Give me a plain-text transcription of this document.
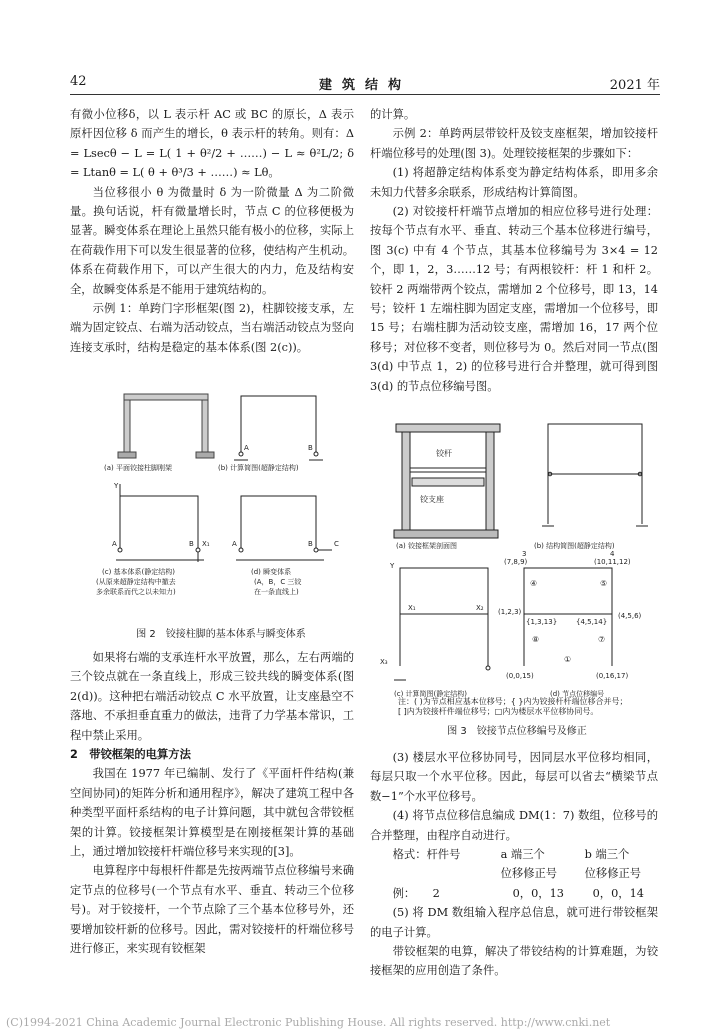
42	建筑结构	2021 年

有微小位移δ，以 L 表示杆 AC 或 BC 的原长，Δ 表示原杆因位移 δ 而产生的增长，θ 表示杆的转角。则有：Δ = Lsecθ − L = L( 1 + θ²/2 + ……) − L ≈ θ²L/2; δ = Ltanθ = L( θ + θ³/3 + ……) ≈ Lθ。

当位移很小 θ 为微量时 δ 为一阶微量 Δ 为二阶微量。换句话说，杆有微量增长时，节点 C 的位移便极为显著。瞬变体系在理论上虽然只能有极小的位移，实际上在荷载作用下可以发生很显著的位移，使结构产生机动。体系在荷载作用下，可以产生很大的内力，危及结构安全，故瞬变体系是不能用于建筑结构的。

示例 1：单跨门字形框架(图 2)，柱脚铰接支承，左端为固定铰点、右端为活动铰点，当右端活动铰点为竖向连接支承时，结构是稳定的基本体系(图 2(c))。

(a) 平面铰接柱脚刚架
A	B
(b) 计算简图(超静定结构)
Y
A	B X₁
(c) 基本体系(静定结构)
(从原来超静定结构中撤去
多余联系而代之以未知力)
A	B	C
(d) 瞬变体系
(A，B，C 三铰
在一条直线上)
图 2　铰接柱脚的基本体系与瞬变体系

如果将右端的支承连杆水平放置，那么，左右两端的三个铰点就在一条直线上，形成三铰共线的瞬变体系(图 2(d))。这种把右端活动铰点 C 水平放置，让支座悬空不落地、不承担垂直重力的做法，违背了力学基本常识，工程中禁止采用。

2　 带铰框架的电算方法

我国在 1977 年已编制、发行了《平面杆件结构(兼空间协同)的矩阵分析和通用程序》，解决了建筑工程中各种类型平面杆系结构的电子计算问题，其中就包含带铰框架的计算。铰接框架计算模型是在刚接框架计算的基础上，通过增加铰接杆杆端位移号来实现的[3]。

电算程序中每根杆件都是先按两端节点位移编号来确定节点的位移号(一个节点有水平、垂直、转动三个位移号)。对于铰接杆，一个节点除了三个基本位移号外，还要增加铰杆新的位移号。因此，需对铰接杆的杆端位移号进行修正，来实现有铰框架

的计算。

示例 2：单跨两层带铰杆及铰支座框架，增加铰接杆杆端位移号的处理(图 3)。处理铰接框架的步骤如下：

(1) 将超静定结构体系变为静定结构体系，即用多余未知力代替多余联系，形成结构计算简图。

(2) 对铰接杆杆端节点增加的相应位移号进行处理：按每个节点有水平、垂直、转动三个基本位移进行编号，图 3(c) 中有 4 个节点，其基本位移编号为 3×4 = 12 个，即 1，2，3……12 号；有两根铰杆：杆 1 和杆 2。铰杆 2 两端带两个铰点，需增加 2 个位移号，即 13，14 号；铰杆 1 左端柱脚为固定支座，需增加一个位移号，即 15 号；右端柱脚为活动铰支座，需增加 16，17 两个位移号；对位移不变者，则位移号为 0。然后对同一节点(图 3(d) 中节点 1，2) 的位移号进行合并整理，就可得到图 3(d) 的节点位移编号图。

铰杆
铰支座
(a) 铰接框架剖面图	(b) 结构简图(超静定结构)
Y
X₁	X₂
X₃
(c) 计算简图(静定结构)
3
(7,8,9)
4
(10,11,12)
④	⑤
(1,2,3)
{1,3,13}	{4,5,14}
(4,5,6)
⑧	⑦
①
(0,0,15)	(0,16,17)
(d) 节点位移编号
注：( )为节点相应基本位移号；{ }内为铰接杆杆端位移合并号；
[ ]内为铰接杆件端位移号；□内为楼层水平位移协同号。
图 3　铰接节点位移编号及修正

(3) 楼层水平位移协同号，因同层水平位移均相同，每层只取一个水平位移。因此，每层可以省去“横梁节点数−1”个水平位移号。

(4) 将节点位移信息编成 DM(1：7) 数组，位移号的合并整理，由程序自动进行。

格式：杆件号	a 端三个	b 端三个
位移修正号	位移修正号
例：	2	0，0，13	0，0，14

(5) 将 DM 数组输入程序总信息，就可进行带铰框架的电子计算。

带铰框架的电算，解决了带铰结构的计算难题，为铰接框架的应用创造了条件。

(C)1994-2021 China Academic Journal Electronic Publishing House. All rights reserved. http://www.cnki.net
